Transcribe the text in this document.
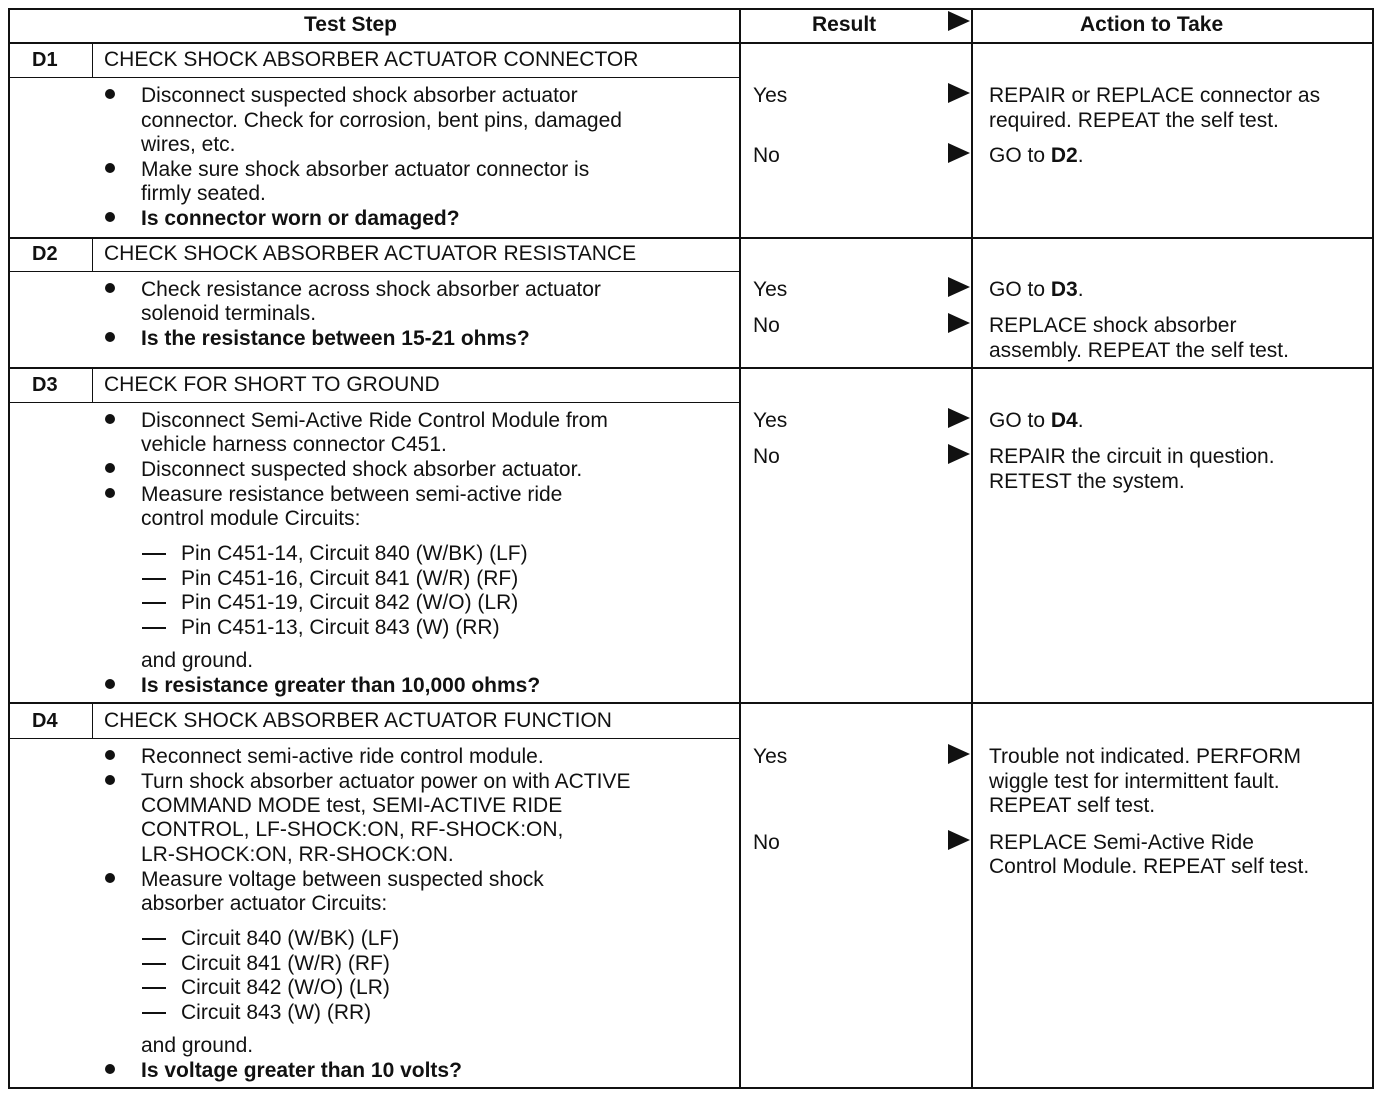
Test Step	Result	Action to Take
D1 CHECK SHOCK ABSORBER ACTUATOR CONNECTOR
Disconnect suspected shock absorber actuator
connector. Check for corrosion, bent pins, damaged
wires, etc.
Make sure shock absorber actuator connector is
firmly seated.
Is connector worn or damaged?
Yes
No
REPAIR or REPLACE connector as
required. REPEAT the self test.
GO to D2.
D2 CHECK SHOCK ABSORBER ACTUATOR RESISTANCE
Check resistance across shock absorber actuator
solenoid terminals.
Is the resistance between 15-21 ohms?
Yes
No
GO to D3.
REPLACE shock absorber
assembly. REPEAT the self test.
D3 CHECK FOR SHORT TO GROUND
Disconnect Semi-Active Ride Control Module from
vehicle harness connector C451.
Disconnect suspected shock absorber actuator.
Measure resistance between semi-active ride
control module Circuits:
Pin C451-14, Circuit 840 (W/BK) (LF)
Pin C451-16, Circuit 841 (W/R) (RF)
Pin C451-19, Circuit 842 (W/O) (LR)
Pin C451-13, Circuit 843 (W) (RR)
and ground.
Is resistance greater than 10,000 ohms?
Yes
No
GO to D4.
REPAIR the circuit in question.
RETEST the system.
D4 CHECK SHOCK ABSORBER ACTUATOR FUNCTION
Reconnect semi-active ride control module.
Turn shock absorber actuator power on with ACTIVE
COMMAND MODE test, SEMI-ACTIVE RIDE
CONTROL, LF-SHOCK:ON, RF-SHOCK:ON,
LR-SHOCK:ON, RR-SHOCK:ON.
Measure voltage between suspected shock
absorber actuator Circuits:
Circuit 840 (W/BK) (LF)
Circuit 841 (W/R) (RF)
Circuit 842 (W/O) (LR)
Circuit 843 (W) (RR)
and ground.
Is voltage greater than 10 volts?
Yes
No
Trouble not indicated. PERFORM
wiggle test for intermittent fault.
REPEAT self test.
REPLACE Semi-Active Ride
Control Module. REPEAT self test.
